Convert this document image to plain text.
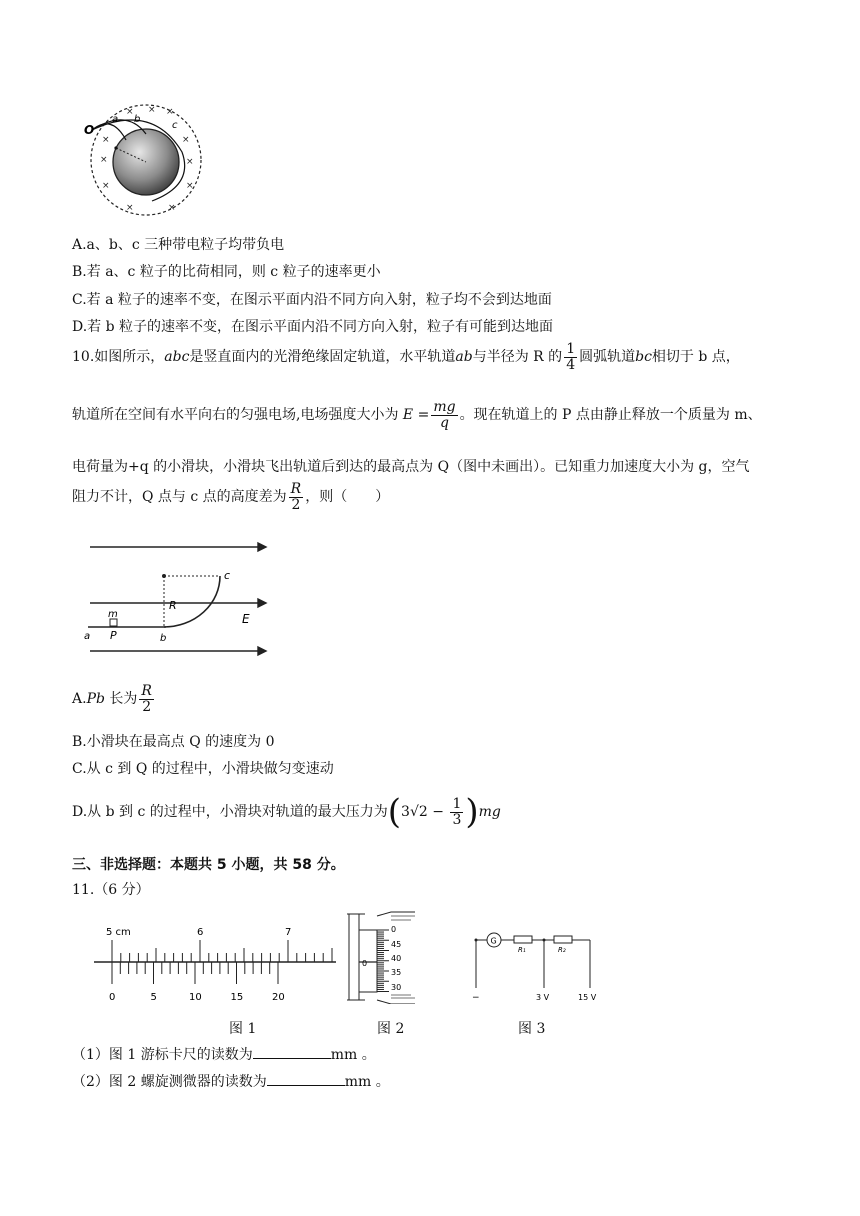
O
a b
c
× × ×
×	×
×	×
×	×
×	×
A.a、b、c 三种带电粒子均带负电
B.若 a、c 粒子的比荷相同，则 c 粒子的速率更小
C.若 a 粒子的速率不变，在图示平面内沿不同方向入射，粒子均不会到达地面
D.若 b 粒子的速率不变，在图示平面内沿不同方向入射，粒子有可能到达地面
10.如图所示，abc是竖直面内的光滑绝缘固定轨道，水平轨道ab与半径为 R 的 $\frac{1}{4}$ 圆弧轨道bc相切于 b 点，
轨道所在空间有水平向右的匀强电场,电场强度大小为 $E = \frac{mg}{q}$ 。现在轨道上的 P 点由静止释放一个质量为 m、
电荷量为+q 的小滑块，小滑块飞出轨道后到达的最高点为 Q（图中未画出）。已知重力加速度大小为 g，空气
阻力不计，Q 点与 c 点的高度差为 $\frac{R}{2}$ ，则（　　）
c
R
E
m
a P	b
A.Pb 长为 $\frac{R}{2}$
B.小滑块在最高点 Q 的速度为 0
C.从 c 到 Q 的过程中，小滑块做匀变速动
D.从 b 到 c 的过程中，小滑块对轨道的最大压力为$(3√2 - \frac{1}{3} )mg$
三、非选择题：本题共 5 小题，共 58 分。
11.（6 分）
5 cm	6	7
0	5	10	15	20
0
0
45
40
35
30
G
R₁	R₂
−	3 V	15 V
图 1	图 2	图 3
（1）图 1 游标卡尺的读数为	mm 。
（2）图 2 螺旋测微器的读数为	mm 。
